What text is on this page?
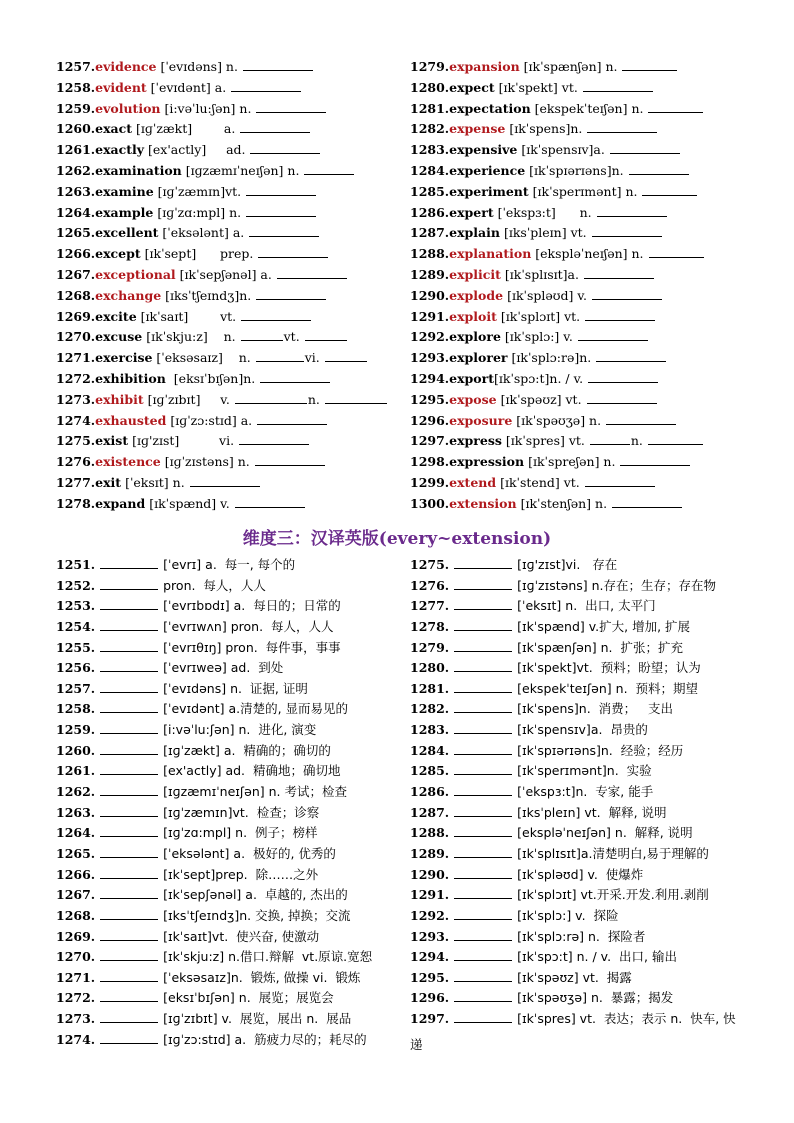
1257.evidence [ˈevɪdəns] n.
1258.evident [ˈevɪdənt] a.
1259.evolution [i:vəˈlu:ʃən] n.
1260.exact [ɪɡˈzækt]        a.
1261.exactly [ex'actly]     ad.
1262.examination [ɪɡzæmɪˈneɪʃən] n.
1263.examine [ɪɡˈzæmɪn]vt.
1264.example [ɪɡˈzɑ:mpl] n.
1265.excellent [ˈeksələnt] a.
1266.except [ɪkˈsept]      prep.
1267.exceptional [ɪkˈsepʃənəl] a.
1268.exchange [ɪksˈtʃeɪndʒ]n.
1269.excite [ɪkˈsaɪt]        vt.
1270.excuse [ɪkˈskju:z]    n.	vt.
1271.exercise [ˈeksəsaɪz]    n.	vi.
1272.exhibition  [eksɪˈbɪʃən]n.
1273.exhibit [ɪɡˈzɪbɪt]     v.	n.
1274.exhausted [ɪɡˈzɔ:stɪd] a.
1275.exist [ɪɡ'zɪst]          vi.
1276.existence [ɪɡˈzɪstəns] n.
1277.exit [ˈeksɪt] n.
1278.expand [ɪkˈspænd] v.
1279.expansion [ɪkˈspænʃən] n.
1280.expect [ɪkˈspekt] vt.
1281.expectation [ekspekˈteɪʃən] n.
1282.expense [ɪkˈspens]n.
1283.expensive [ɪkˈspensɪv]a.
1284.experience [ɪkˈspɪərɪəns]n.
1285.experiment [ɪkˈsperɪmənt] n.
1286.expert [ˈekspɜ:t]      n.
1287.explain [ɪksˈpleɪn] vt.
1288.explanation [ekspləˈneɪʃən] n.
1289.explicit [ɪkˈsplɪsɪt]a.
1290.explode [ɪkˈspləʊd] v.
1291.exploit [ɪkˈsplɔɪt] vt.
1292.explore [ɪkˈsplɔ:] v.
1293.explorer [ɪkˈsplɔ:rə]n.
1294.export[ɪkˈspɔ:t]n. / v.
1295.expose [ɪkˈspəʊz] vt.
1296.exposure [ɪkˈspəʊʒə] n.
1297.express [ɪkˈspres] vt.	n.
1298.expression [ɪkˈspreʃən] n.
1299.extend [ɪkˈstend] vt.
1300.extension [ɪkˈstenʃən] n.
维度三：汉译英版(every~extension)
1251.	[ˈevrɪ] a.  每一, 每个的
1252.	pron.  每人，人人
1253.	[ˈevrɪbɒdɪ] a.  每日的；日常的
1254.	[ˈevrɪwʌn] pron.  每人，人人
1255.	[ˈevrɪθɪŋ] pron.  每件事，事事
1256.	[ˈevrɪweə] ad.  到处
1257.	[ˈevɪdəns] n.  证据, 证明
1258.	[ˈevɪdənt] a.清楚的, 显而易见的
1259.	[i:vəˈlu:ʃən] n.  进化, 演变
1260.	[ɪɡˈzækt] a.  精确的；确切的
1261.	[ex'actly] ad.  精确地；确切地
1262.	[ɪɡzæmɪˈneɪʃən] n. 考试；检查
1263.	[ɪɡˈzæmɪn]vt.  检查；诊察
1264.	[ɪɡˈzɑ:mpl] n.  例子；榜样
1265.	[ˈeksələnt] a.  极好的, 优秀的
1266.	[ɪkˈsept]prep.  除……之外
1267.	[ɪkˈsepʃənəl] a.  卓越的, 杰出的
1268.	[ɪksˈtʃeɪndʒ]n. 交换, 掉换；交流
1269.	[ɪkˈsaɪt]vt.  使兴奋, 使激动
1270.	[ɪkˈskju:z] n.借口.辩解  vt.原谅.宽恕
1271.	[ˈeksəsaɪz]n.  锻炼, 做操 vi.  锻炼
1272.	[eksɪˈbɪʃən] n.  展览；展览会
1273.	[ɪɡˈzɪbɪt] v.  展览，展出 n.  展品
1274.	[ɪɡˈzɔ:stɪd] a.  筋疲力尽的；耗尽的
1275.	[ɪɡ'zɪst]vi.   存在
1276.	[ɪɡˈzɪstəns] n.存在；生存；存在物
1277.	[ˈeksɪt] n.  出口, 太平门
1278.	[ɪkˈspænd] v.扩大, 增加, 扩展
1279.	[ɪkˈspænʃən] n.  扩张；扩充
1280.	[ɪkˈspekt]vt.  预料；盼望；认为
1281.	[ekspekˈteɪʃən] n.  预料；期望
1282.	[ɪkˈspens]n.  消费；   支出
1283.	[ɪkˈspensɪv]a.  昂贵的
1284.	[ɪkˈspɪərɪəns]n.  经验；经历
1285.	[ɪkˈsperɪmənt]n.  实验
1286.	[ˈekspɜ:t]n.  专家, 能手
1287.	[ɪksˈpleɪn] vt.  解释, 说明
1288.	[ekspləˈneɪʃən] n.  解释, 说明
1289.	[ɪkˈsplɪsɪt]a.清楚明白,易于理解的
1290.	[ɪkˈspləʊd] v.  使爆炸
1291.	[ɪkˈsplɔɪt] vt.开采.开发.利用.剥削
1292.	[ɪkˈsplɔ:] v.  探险
1293.	[ɪkˈsplɔ:rə] n.  探险者
1294.	[ɪkˈspɔ:t] n. / v.  出口, 输出
1295.	[ɪkˈspəʊz] vt.  揭露
1296.	[ɪkˈspəʊʒə] n.  暴露；揭发
1297.	[ɪkˈspres] vt.  表达；表示 n.  快车, 快
递
